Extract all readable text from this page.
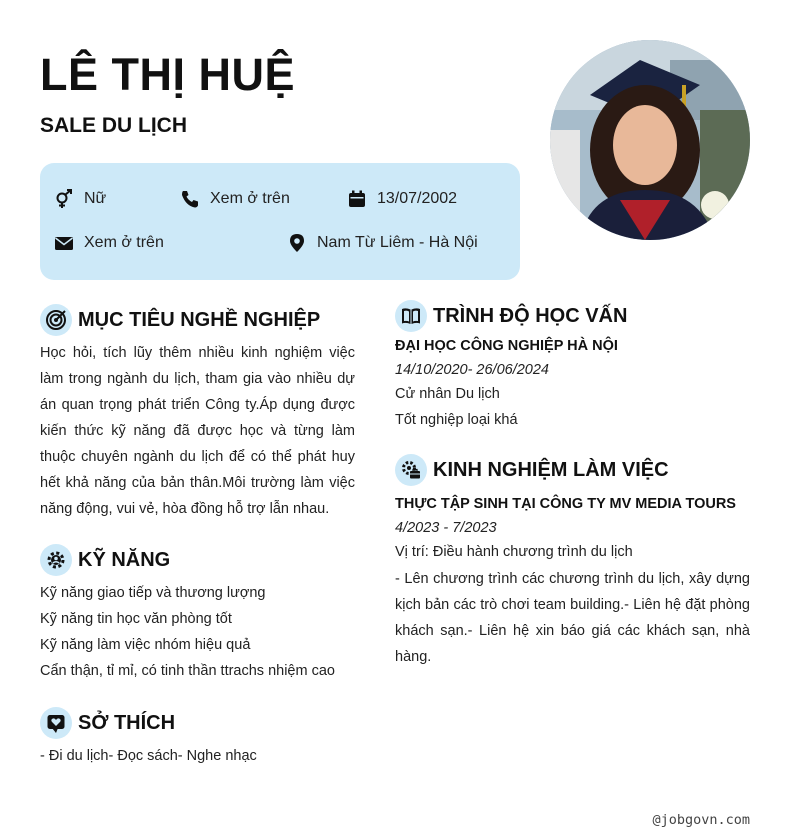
LÊ THỊ HUỆ
SALE DU LỊCH
Nữ	Xem ở trên	13/07/2002
Xem ở trên	Nam Từ Liêm - Hà Nội
MỤC TIÊU NGHỀ NGHIỆP

Học hỏi, tích lũy thêm nhiều kinh nghiệm việc làm trong ngành du lịch, tham gia vào nhiều dự án quan trọng phát triển Công ty.Áp dụng được kiến thức kỹ năng đã được học và từng làm thuộc chuyên ngành du lịch để có thể phát huy hết khả năng của bản thân.Môi trường làm việc năng động, vui vẻ, hòa đồng hỗ trợ lẫn nhau.

KỸ NĂNG
Kỹ năng giao tiếp và thương lượng
Kỹ năng tin học văn phòng tốt
Kỹ năng làm việc nhóm hiệu quả
Cẩn thận, tỉ mỉ, có tinh thần ttrachs nhiệm cao
SỞ THÍCH
- Đi du lịch- Đọc sách- Nghe nhạc
TRÌNH ĐỘ HỌC VẤN
ĐẠI HỌC CÔNG NGHIỆP HÀ NỘI
14/10/2020- 26/06/2024
Cử nhân Du lịch
Tốt nghiệp loại khá
KINH NGHIỆM LÀM VIỆC
THỰC TẬP SINH TẠI CÔNG TY MV MEDIA TOURS
4/2023 - 7/2023
Vị trí: Điều hành chương trình du lịch

- Lên chương trình các chương trình du lịch, xây dựng kịch bản các trò chơi team building.- Liên hệ đặt phòng khách sạn.- Liên hệ xin báo giá các khách sạn, nhà hàng.

@jobgovn.com
